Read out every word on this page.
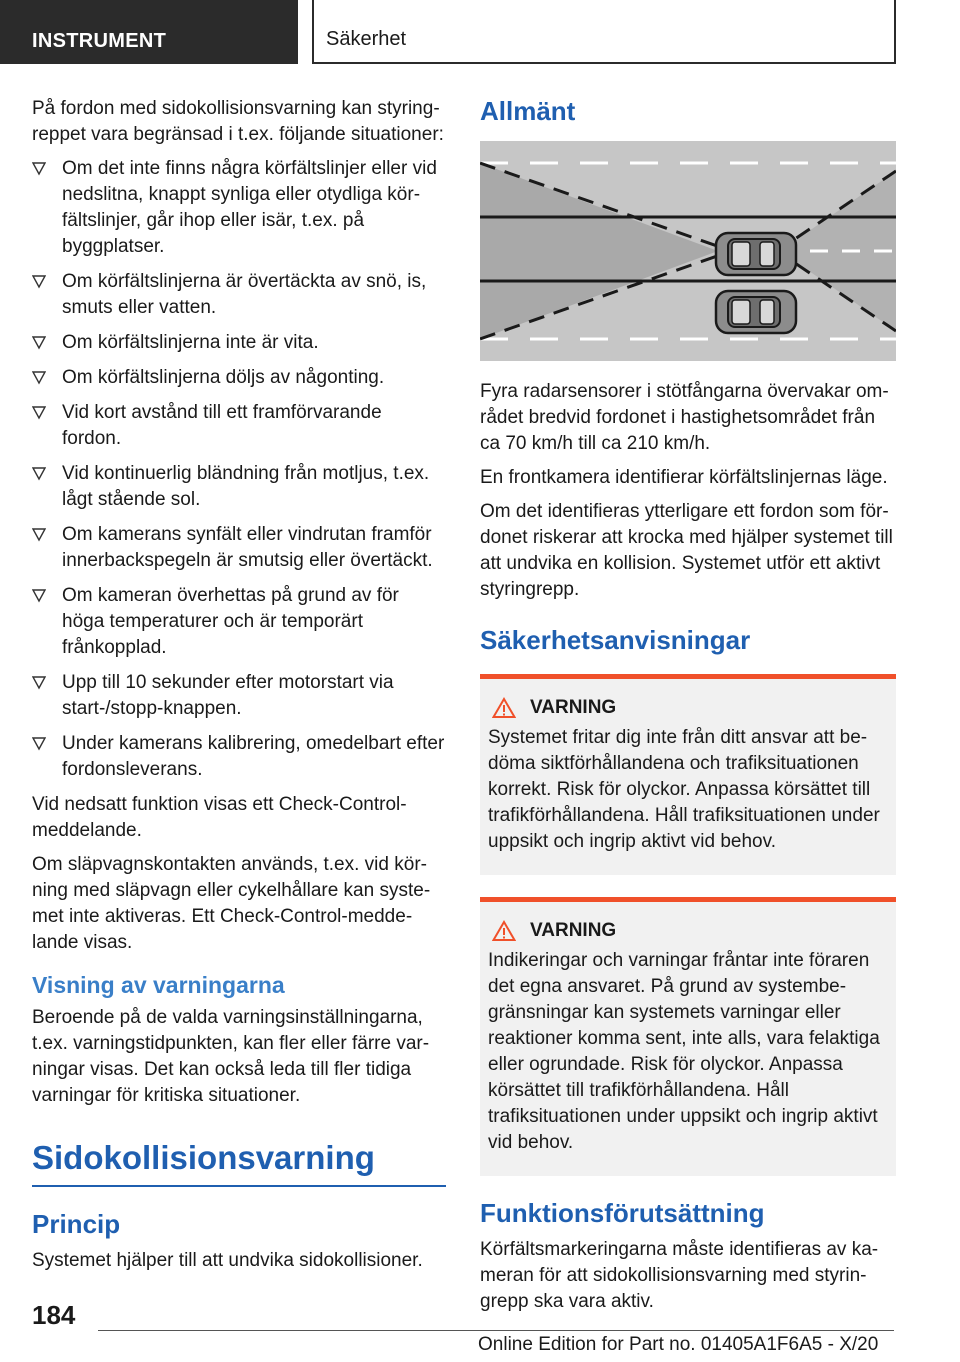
INSTRUMENT	Säkerhet

På fordon med sidokollisionsvarning kan styringreppet vara begränsad i t.ex. följande situationer:

Om det inte finns några körfältslinjer eller vid nedslitna, knappt synliga eller otydliga körfältslinjer, går ihop eller isär, t.ex. på byggplatser.
Om körfältslinjerna är övertäckta av snö, is, smuts eller vatten.
Om körfältslinjerna inte är vita.
Om körfältslinjerna döljs av någonting.
Vid kort avstånd till ett framförvarande fordon.
Vid kontinuerlig bländning från motljus, t.ex. lågt stående sol.
Om kamerans synfält eller vindrutan framför innerbackspegeln är smutsig eller övertäckt.
Om kameran överhettas på grund av för höga temperaturer och är temporärt frånkopplad.
Upp till 10 sekunder efter motorstart via start-/stopp-knappen.
Under kamerans kalibrering, omedelbart efter fordonsleverans.

Vid nedsatt funktion visas ett Check-Control-meddelande.

Om släpvagnskontakten används, t.ex. vid körning med släpvagn eller cykelhållare kan systemet inte aktiveras. Ett Check-Control-meddelande visas.

Visning av varningarna

Beroende på de valda varningsinställningarna, t.ex. varningstidpunkten, kan fler eller färre varningar visas. Det kan också leda till fler tidiga varningar för kritiska situationer.

Sidokollisionsvarning
Princip

Systemet hjälper till att undvika sidokollisioner.

Allmänt

Fyra radarsensorer i stötfångarna övervakar området bredvid fordonet i hastighetsområdet från ca 70 km/h till ca 210 km/h.

En frontkamera identifierar körfältslinjernas läge.

Om det identifieras ytterligare ett fordon som fördonet riskerar att krocka med hjälper systemet till att undvika en kollision. Systemet utför ett aktivt styringrepp.

Säkerhetsanvisningar
VARNING

Systemet fritar dig inte från ditt ansvar att bedöma siktförhållandena och trafiksituationen korrekt. Risk för olyckor. Anpassa körsättet till trafikförhållandena. Håll trafiksituationen under uppsikt och ingrip aktivt vid behov.

VARNING

Indikeringar och varningar fråntar inte föraren det egna ansvaret. På grund av systembegränsningar kan systemets varningar eller reaktioner komma sent, inte alls, vara felaktiga eller ogrundade. Risk för olyckor. Anpassa körsättet till trafikförhållandena. Håll trafiksituationen under uppsikt och ingrip aktivt vid behov.

Funktionsförutsättning

Körfältsmarkeringarna måste identifieras av kameran för att sidokollisionsvarning med styringrepp ska vara aktiv.

184
Online Edition for Part no. 01405A1F6A5 - X/20
